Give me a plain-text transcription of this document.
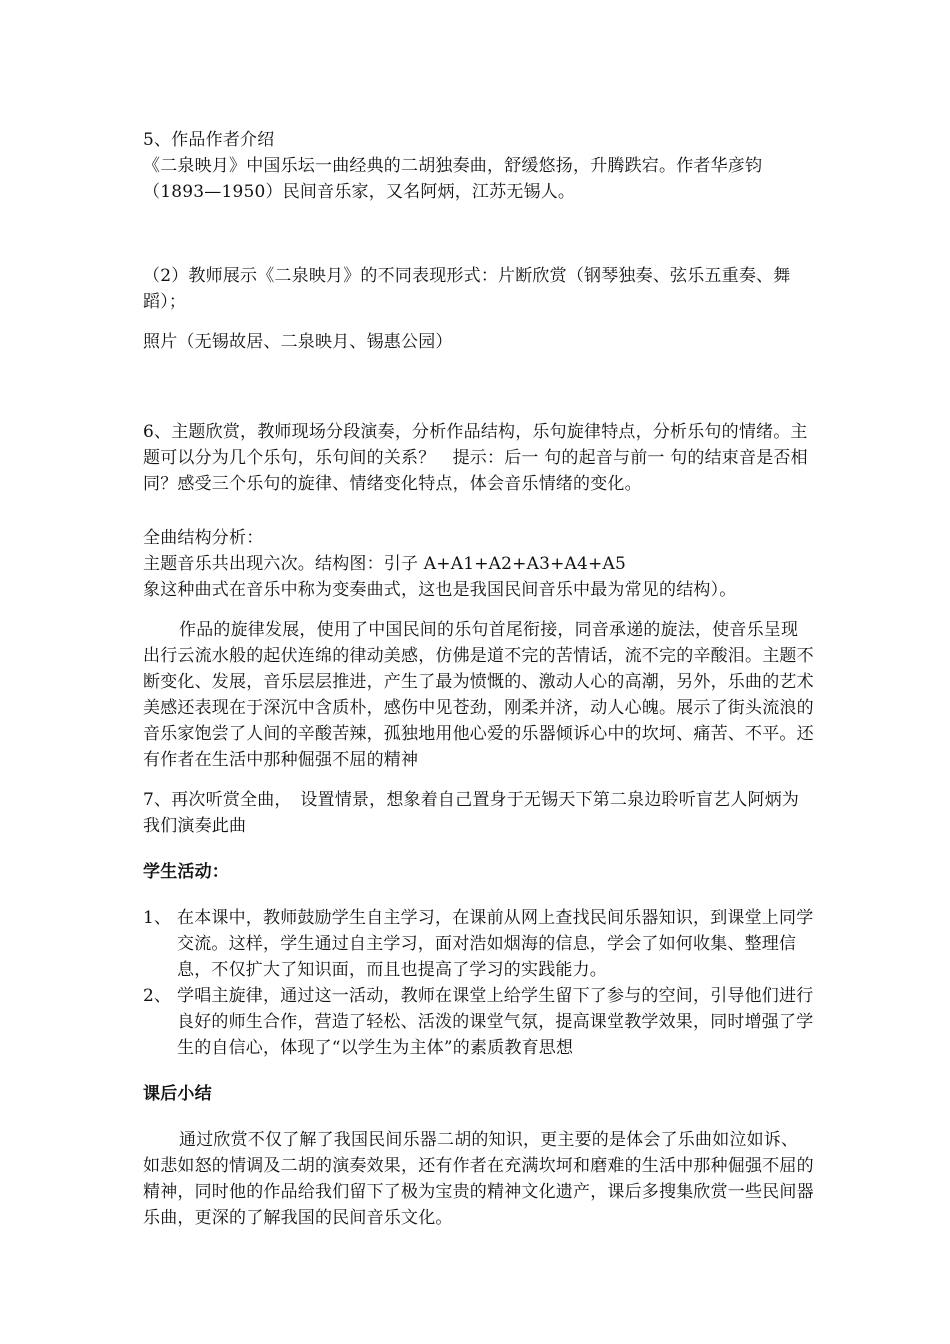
5、作品作者介绍

《二泉映月》中国乐坛一曲经典的二胡独奏曲，舒缓悠扬，升腾跌宕。作者华彦钧（1893—1950）民间音乐家，又名阿炳，江苏无锡人。

（2）教师展示《二泉映月》的不同表现形式：片断欣赏（钢琴独奏、弦乐五重奏、舞蹈）；

照片（无锡故居、二泉映月、锡惠公园）

6、主题欣赏，教师现场分段演奏，分析作品结构，乐句旋律特点，分析乐句的情绪。主题可以分为几个乐句，乐句间的关系？　提示：后一 句的起音与前一 句的结束音是否相同？感受三个乐句的旋律、情绪变化特点，体会音乐情绪的变化。

全曲结构分析：

主题音乐共出现六次。结构图：引子 A+A1+A2+A3+A4+A5

象这种曲式在音乐中称为变奏曲式，这也是我国民间音乐中最为常见的结构）。

作品的旋律发展，使用了中国民间的乐句首尾衔接，同音承递的旋法，使音乐呈现出行云流水般的起伏连绵的律动美感，仿佛是道不完的苦情话，流不完的辛酸泪。主题不断变化、发展，音乐层层推进，产生了最为愤慨的、激动人心的高潮，另外，乐曲的艺术美感还表现在于深沉中含质朴，感伤中见苍劲，刚柔并济，动人心魄。展示了街头流浪的音乐家饱尝了人间的辛酸苦辣，孤独地用他心爱的乐器倾诉心中的坎坷、痛苦、不平。还有作者在生活中那种倔强不屈的精神

7、再次听赏全曲，　设置情景，想象着自己置身于无锡天下第二泉边聆听盲艺人阿炳为我们演奏此曲

学生活动：

1、 在本课中，教师鼓励学生自主学习，在课前从网上查找民间乐器知识，到课堂上同学交流。这样，学生通过自主学习，面对浩如烟海的信息，学会了如何收集、整理信息，不仅扩大了知识面，而且也提高了学习的实践能力。
2、 学唱主旋律，通过这一活动，教师在课堂上给学生留下了参与的空间，引导他们进行良好的师生合作，营造了轻松、活泼的课堂气氛，提高课堂教学效果，同时增强了学生的自信心，体现了“以学生为主体”的素质教育思想

课后小结

通过欣赏不仅了解了我国民间乐器二胡的知识，更主要的是体会了乐曲如泣如诉、如悲如怒的情调及二胡的演奏效果，还有作者在充满坎坷和磨难的生活中那种倔强不屈的精神，同时他的作品给我们留下了极为宝贵的精神文化遗产，课后多搜集欣赏一些民间器乐曲，更深的了解我国的民间音乐文化。
